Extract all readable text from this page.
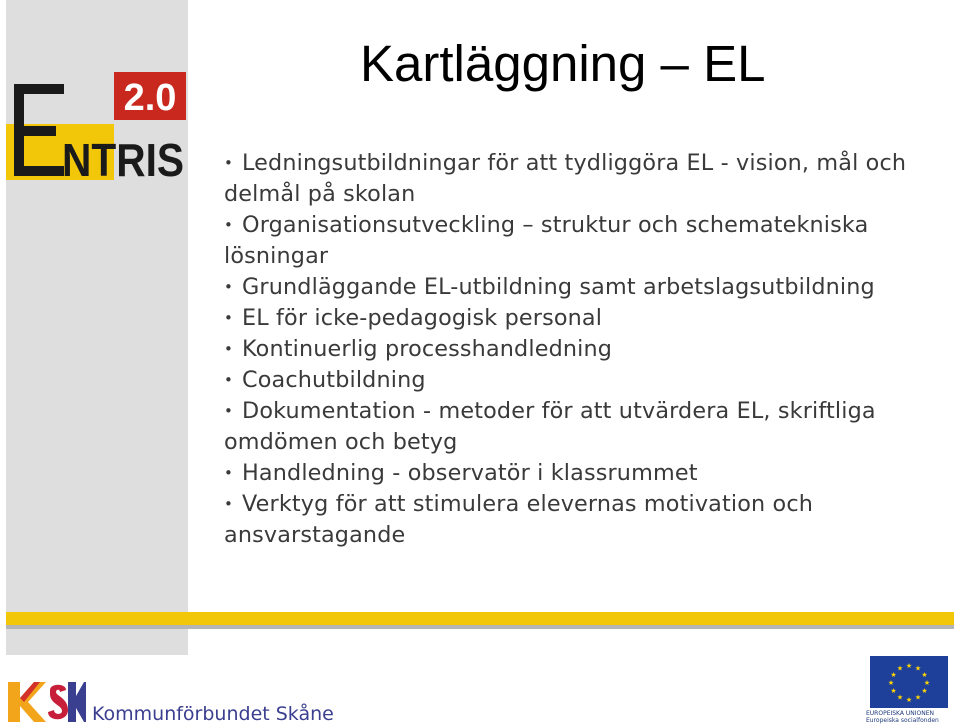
2.0
NTRIS
Kartläggning – EL
• Ledningsutbildningar för att tydliggöra EL - vision, mål och delmål på skolan
• Organisationsutveckling – struktur och schematekniska lösningar
• Grundläggande EL-utbildning samt arbetslagsutbildning
• EL för icke-pedagogisk personal
• Kontinuerlig processhandledning
• Coachutbildning
• Dokumentation - metoder för att utvärdera EL, skriftliga omdömen och betyg
• Handledning - observatör i klassrummet
• Verktyg för att stimulera elevernas motivation och ansvarstagande
Kommunförbundet Skåne
★ ★
★
★
★
★
★
★
★
★
★
★
EUROPEISKA UNIONEN
Europeiska socialfonden
